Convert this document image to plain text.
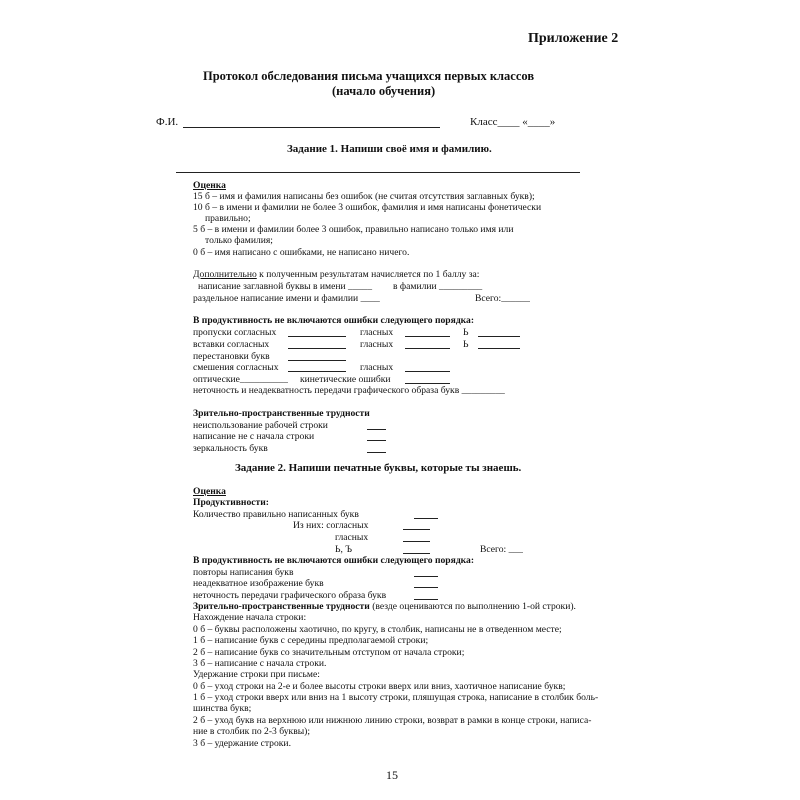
Приложение 2
Протокол обследования письма учащихся первых классов
(начало обучения)
Ф.И.	Класс____ «____»
Задание 1. Напиши своё имя и фамилию.
Оценка
15 б – имя и фамилия написаны без ошибок (не считая отсутствия заглавных букв);
10 б – в имени и фамилии не более 3 ошибок, фамилия и имя написаны фонетически
правильно;
5 б – в имени и фамилии более 3 ошибок, правильно написано только имя или
только фамилия;
0 б – имя написано с ошибками, не написано ничего.
Дополнительно к полученным результатам начисляется по 1 баллу за:
написание заглавной буквы в имени _____ в фамилии _________
раздельное написание имени и фамилии ____	Всего:______
В продуктивность не включаются ошибки следующего порядка:
пропуски согласных	гласных	Ь
вставки согласных	гласных	Ь
перестановки букв
смешения согласных	гласных
оптические__________ кинетические ошибки
неточность и неадекватность передачи графического образа букв _________
Зрительно-пространственные трудности
неиспользование рабочей строки
написание не с начала строки
зеркальность букв
Задание 2. Напиши печатные буквы, которые ты знаешь.
Оценка
Продуктивности:
Количество правильно написанных букв
Из них: согласных
гласных
Ь, Ъ	Всего: ___
В продуктивность не включаются ошибки следующего порядка:
повторы написания букв
неадекватное изображение букв
неточность передачи графического образа букв
Зрительно-пространственные трудности (везде оцениваются по выполнению 1-ой строки).
Нахождение начала строки:
0 б – буквы расположены хаотично, по кругу, в столбик, написаны не в отведенном месте;
1 б – написание букв с середины предполагаемой строки;
2 б – написание букв со значительным отступом от начала строки;
3 б – написание с начала строки.
Удержание строки при письме:
0 б – уход строки на 2-е и более высоты строки вверх или вниз, хаотичное написание букв;
1 б – уход строки вверх или вниз на 1 высоту строки, пляшущая строка, написание в столбик боль-
шинства букв;
2 б – уход букв на верхнюю или нижнюю линию строки, возврат в рамки в конце строки, написа-
ние в столбик по 2-3 буквы);
3 б – удержание строки.
15
